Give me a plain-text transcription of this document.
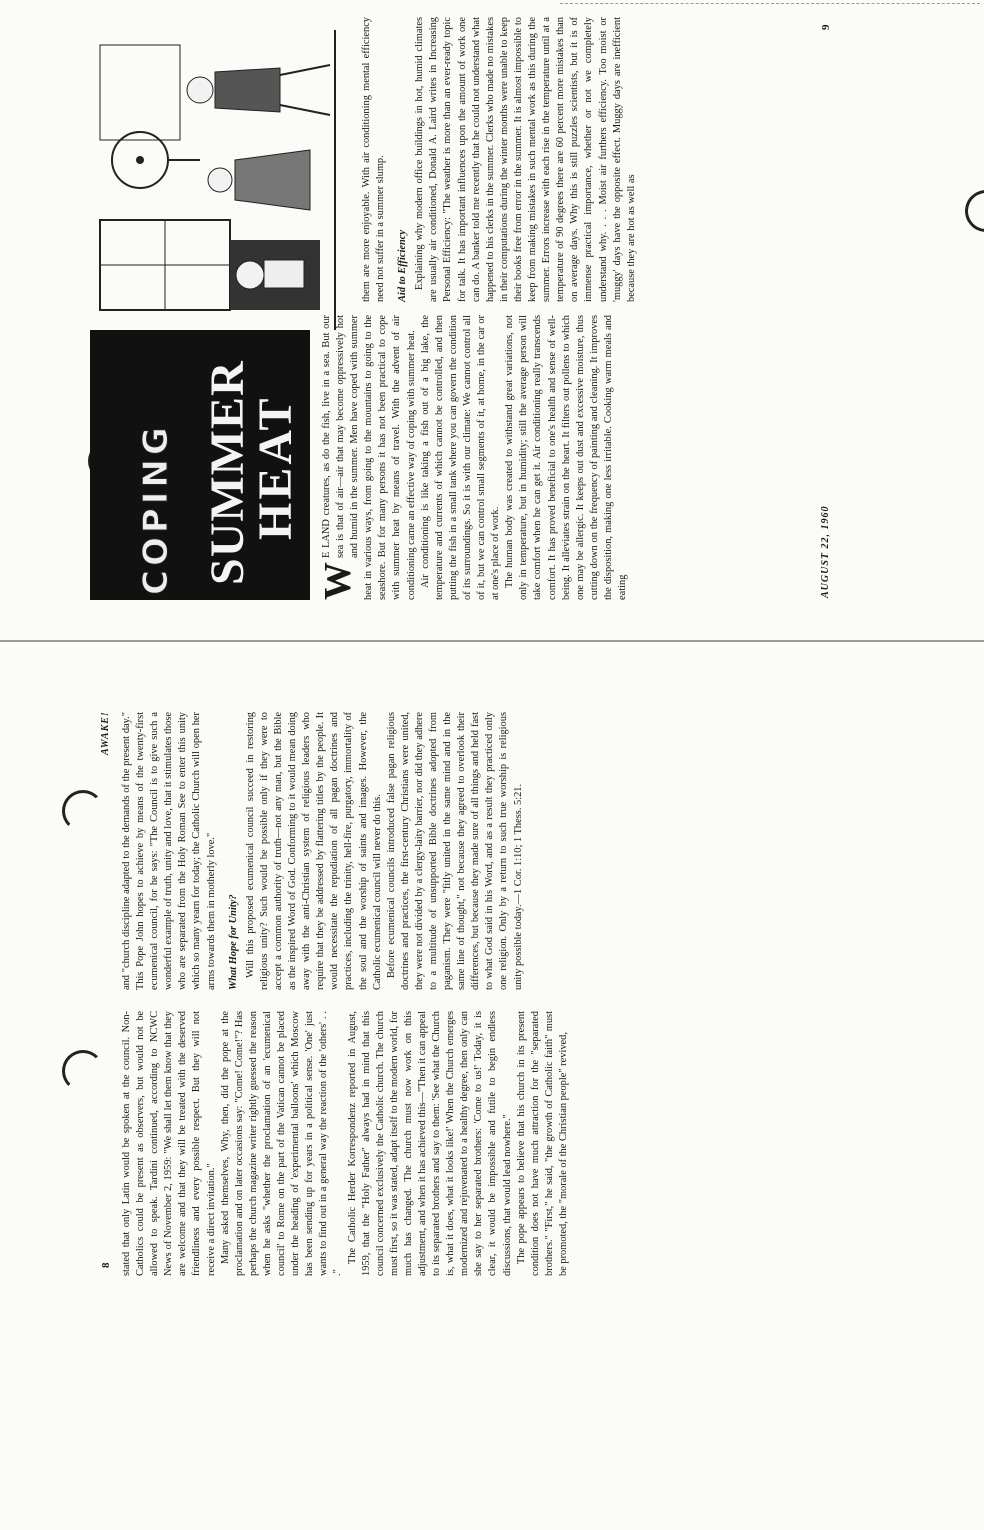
stated that only Latin would be spoken at the council. Non-Catholics could be present as observers, but would not be allowed to speak. Tardini continued, according to NCWC News of November 2, 1959: "We shall let them know that they are welcome and that they will be treated with the deserved friendliness and every possible respect. But they will not receive a direct invitation." Many asked themselves, Why, then, did the pope at the proclamation and on later occasions say: "Come! Come!"? Has perhaps the church magazine writer rightly guessed the reason when he asks "whether the proclamation of an 'ecumenical council' to Rome on the part of the Vatican cannot be placed under the heading of 'experimental balloons' which Moscow has been sending up for years in a political sense. 'One' just wants to find out in a general way the reaction of the 'others' . . ."

The Catholic Herder Korrespondenz reported in August, 1959, that the "Holy Father" always had in mind that this council concerned exclusively the Catholic church. The church must first, so it was stated, adapt itself to the modern world, for much has changed. The church must now work on this adjustment, and when it has achieved this—"Then it can appeal to its separated brothers and say to them: 'See what the Church is, what it does, what it looks like!' When the Church emerges modernized and rejuvenated to a healthy degree, then only can she say to her separated brothers: 'Come to us!' Today, it is clear, it would be impossible and futile to begin endless discussions, that would lead nowhere." The pope appears to believe that his church in its present condition does not have much attraction for the "separated brothers." "First," he said, "the growth of Catholic faith" must be promoted, the "morale of the Christian people" revived,

and "church discipline adapted to the demands of the present day." This Pope John hopes to achieve by means of the twenty-first ecumenical council, for he says: "The Council is to give such a wonderful example of truth, unity and love, that it stimulates those who are separated from the Holy Roman See to enter this unity which so many yearn for today; the Catholic Church will open her arms towards them in motherly love." What Hope for Unity? Will this proposed ecumenical council succeed in restoring religious unity? Such would be possible only if they were to accept a common authority of truth—not any man, but the Bible as the inspired Word of God. Conforming to it would mean doing away with the anti-Christian system of religious leaders who require that they be addressed by flattering titles by the people. It would necessitate the repudiation of all pagan doctrines and practices, including the trinity, hell-fire, purgatory, immortality of the soul and the worship of saints and images. However, the Catholic ecumenical council will never do this. Before ecumenical councils introduced false pagan religious doctrines and practices, the first-century Christians were united, they were not divided by a clergy-laity barrier, nor did they adhere to a multitude of unsupported Bible doctrines adopted from paganism. They were "fitly united in the same mind and in the same line of thought," not because they agreed to overlook their differences, but because they made sure of all things and held fast to what God said in his Word, and as a result they practiced only one religion. Only by a return to such true worship is religious unity possible today.—1 Cor. 1:10; 1 Thess. 5:21.

8
AWAKE!
COPING SUMMER
HEAT

W
E LAND creatures, as do the fish, live in a sea. But our sea is that of air—air that may become oppressively hot and humid in the summer. Men have coped with summer heat in various ways, from going to the mountains to going to the seashore. But for many persons it has not been practical to cope with summer heat by means of travel. With the advent of air conditioning came an effective way of coping with summer heat. Air conditioning is like taking a fish out of a big lake, the temperature and currents of which cannot be controlled, and then putting the fish in a small tank where you can govern the condition of its surroundings. So it is with our climate: We cannot control all of it, but we can control small segments of it, at home, in the car or at one's place of work. The human body was created to withstand great variations, not only in temperature, but in humidity; still the average person will take comfort when he can get it. Air conditioning really transcends comfort. It has proved beneficial to one's health and sense of well-being. It alleviates strain on the heart. It filters out pollens to which one may be allergic. It keeps out dust and excessive moisture, thus cutting down on the frequency of painting and cleaning. It improves the disposition, making one less irritable. Cooking warm meals and eating

them are more enjoyable. With air conditioning mental efficiency need not suffer in a summer slump. Aid to Efficiency Explaining why modern office buildings in hot, humid climates are usually air conditioned, Donald A. Laird writes in Increasing Personal Efficiency: "The weather is more than an ever-ready topic for talk. It has important influences upon the amount of work one can do. A banker told me recently that he could not understand what happened to his clerks in the summer. Clerks who made no mistakes in their computations during the winter months were unable to keep their books free from error in the summer. It is almost impossible to keep from making mistakes in such mental work as this during the summer. Errors increase with each rise in the temperature until at a temperature of 90 degrees there are 60 percent more mistakes than on average days. Why this is still puzzles scientists, but it is of immense practical importance, whether or not we completely understand why. . . . Moist air furthers efficiency. Too moist or 'muggy' days have the opposite effect. Muggy days are inefficient because they are hot as well as

AUGUST 22, 1960
9
